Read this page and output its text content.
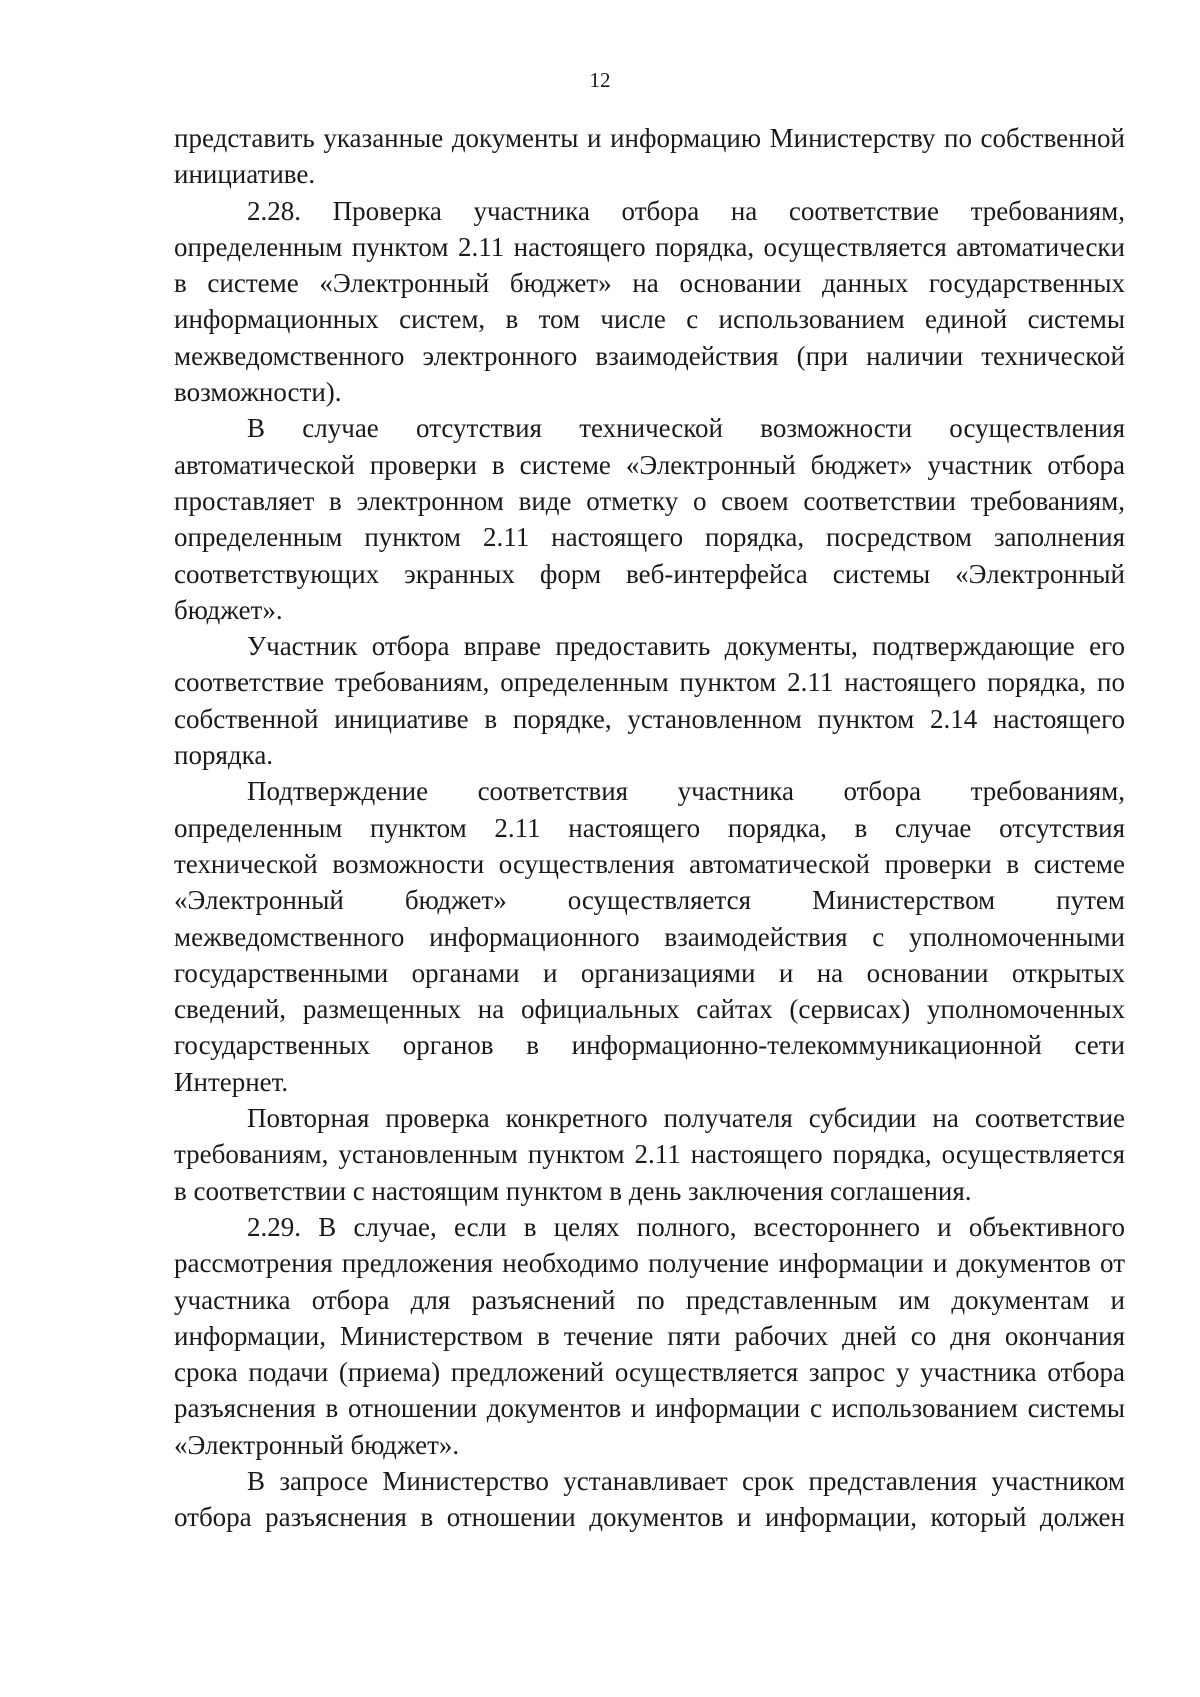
12

представить указанные документы и информацию Министерству по собственной инициативе.

2.28. Проверка участника отбора на соответствие требованиям, определенным пунктом 2.11 настоящего порядка, осуществляется автоматически в системе «Электронный бюджет» на основании данных государственных информационных систем, в том числе с использованием единой системы межведомственного электронного взаимодействия (при наличии технической возможности).

В случае отсутствия технической возможности осуществления автоматической проверки в системе «Электронный бюджет» участник отбора проставляет в электронном виде отметку о своем соответствии требованиям, определенным пунктом 2.11 настоящего порядка, посредством заполнения соответствующих экранных форм веб-интерфейса системы «Электронный бюджет».

Участник отбора вправе предоставить документы, подтверждающие его соответствие требованиям, определенным пунктом 2.11 настоящего порядка, по собственной инициативе в порядке, установленном пунктом 2.14 настоящего порядка.

Подтверждение соответствия участника отбора требованиям, определенным пунктом 2.11 настоящего порядка, в случае отсутствия технической возможности осуществления автоматической проверки в системе «Электронный бюджет» осуществляется Министерством путем межведомственного информационного взаимодействия с уполномоченными государственными органами и организациями и на основании открытых сведений, размещенных на официальных сайтах (сервисах) уполномоченных государственных органов в информационно-телекоммуникационной сети Интернет.

Повторная проверка конкретного получателя субсидии на соответствие требованиям, установленным пунктом 2.11 настоящего порядка, осуществляется в соответствии с настоящим пунктом в день заключения соглашения.

2.29. В случае, если в целях полного, всестороннего и объективного рассмотрения предложения необходимо получение информации и документов от участника отбора для разъяснений по представленным им документам и информации, Министерством в течение пяти рабочих дней со дня окончания срока подачи (приема) предложений осуществляется запрос у участника отбора разъяснения в отношении документов и информации с использованием системы «Электронный бюджет».

В запросе Министерство устанавливает срок представления участником отбора разъяснения в отношении документов и информации, который должен
